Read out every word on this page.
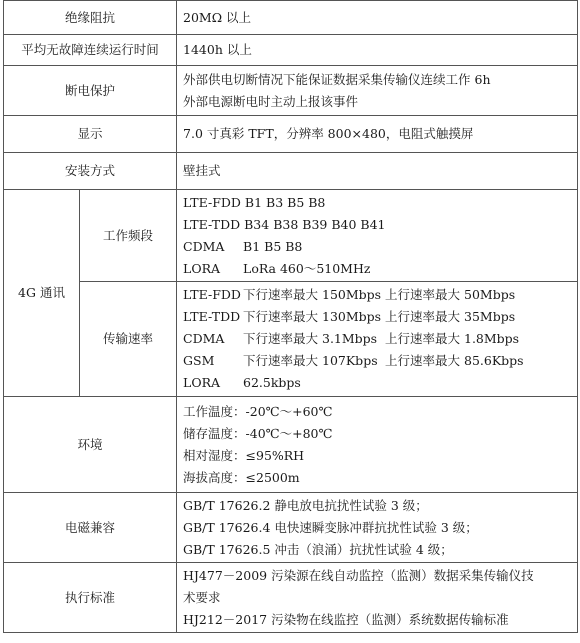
绝缘阻抗		20MΩ 以上
平均无故障连续运行时间		1440h 以上
断电保护		外部供电切断情况下能保证数据采集传输仪连续工作 6h
外部电源断电时主动上报该事件

显示		7.0 寸真彩 TFT，分辨率 800×480，电阻式触摸屏
安装方式		壁挂式
4G 通讯	工作频段	LTE-FDD B1 B3 B5 B8
LTE-TDD B34 B38 B39 B40 B41
CDMA B1 B5 B8
LORA LoRa 460～510MHz

	传输速率	LTE-FDD 下行速率最大 150Mbps 上行速率最大 50Mbps
LTE-TDD 下行速率最大 130Mbps 上行速率最大 35Mbps
CDMA 下行速率最大 3.1Mbps 上行速率最大 1.8Mbps
GSM 下行速率最大 107Kbps 上行速率最大 85.6Kbps
LORA 62.5kbps

环境		工作温度：-20℃～+60℃
储存温度：-40℃～+80℃
相对湿度：≤95%RH
海拔高度：≤2500m

电磁兼容		GB/T 17626.2 静电放电抗扰性试验 3 级；
GB/T 17626.4 电快速瞬变脉冲群抗扰性试验 3 级；
GB/T 17626.5 冲击（浪涌）抗扰性试验 4 级；

执行标准		HJ477－2009 污染源在线自动监控（监测）数据采集传输仪技
术要求
HJ212－2017 污染物在线监控（监测）系统数据传输标准
